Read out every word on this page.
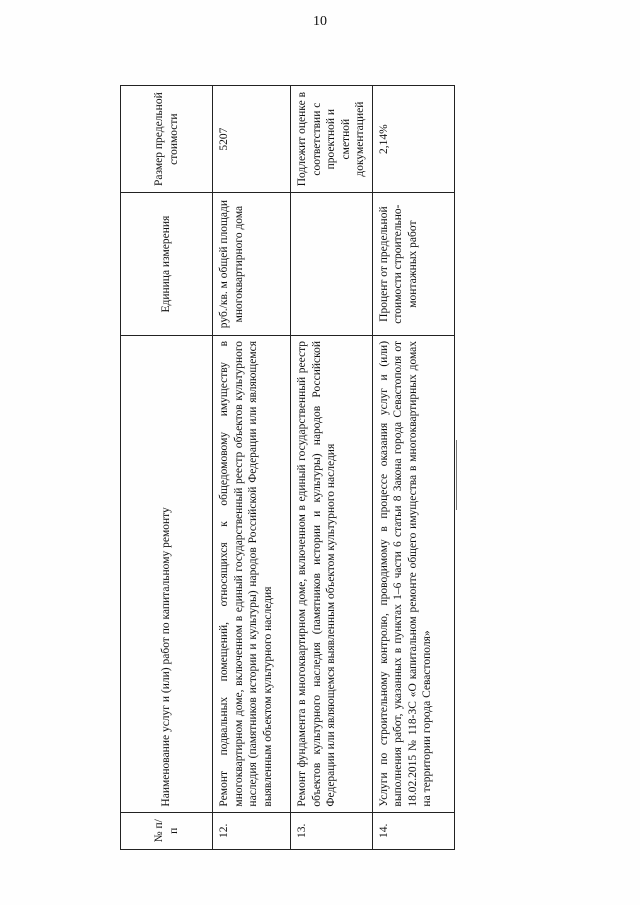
10
№ п/п	Наименование услуг и (или) работ по капитальному ремонту	Единица измерения	Размер предельной стоимости
12.	Ремонт подвальных помещений, относящихся к общедомовому имуществу в многоквартирном доме, включенном в единый государственный реестр объектов культурного наследия (памятников истории и культуры) народов Российской Федерации или являющемся выявленным объектом культурного наследия	руб./кв. м общей площади многоквартирного дома	5207
13.	Ремонт фундамента в многоквартирном доме, включенном в единый государственный реестр объектов культурного наследия (памятников истории и культуры) народов Российской Федерации или являющемся выявленным объектом культурного наследия		Подлежит оценке в соответствии с проектной и сметной документацией
14.	Услуги по строительному контролю, проводимому в процессе оказания услуг и (или) выполнения работ, указанных в пунктах 1–6 части 6 статьи 8 Закона города Севастополя от 18.02.2015 № 118-ЗС «О капитальном ремонте общего имущества в многоквартирных домах на территории города Севастополя»	Процент от предельной стоимости строительно-монтажных работ	2,14%
